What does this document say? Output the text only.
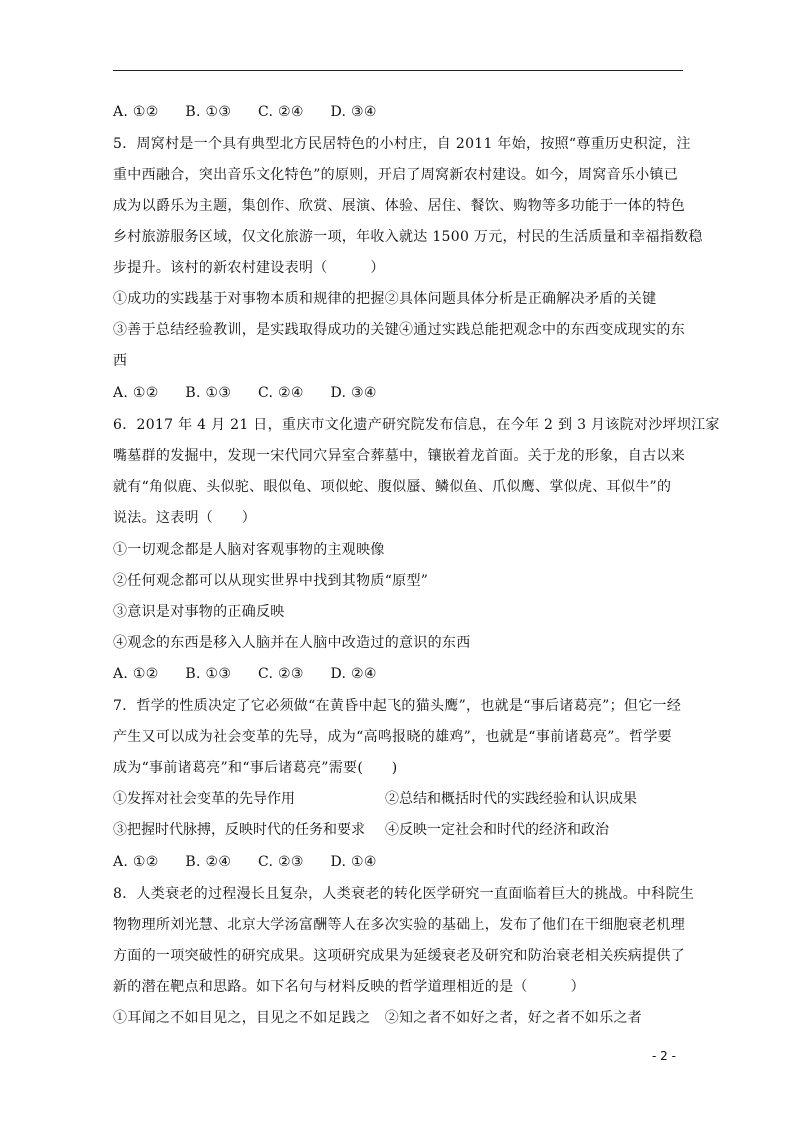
A. ①② B. ①③ C. ②④ D. ③④
5．周窝村是一个具有典型北方民居特色的小村庄，自 2011 年始，按照“尊重历史积淀，注
重中西融合，突出音乐文化特色”的原则，开启了周窝新农村建设。如今，周窝音乐小镇已
成为以爵乐为主题，集创作、欣赏、展演、体验、居住、餐饮、购物等多功能于一体的特色
乡村旅游服务区域，仅文化旅游一项，年收入就达 1500 万元，村民的生活质量和幸福指数稳
步提升。该村的新农村建设表明（　　　）
①成功的实践基于对事物本质和规律的把握②具体问题具体分析是正确解决矛盾的关键
③善于总结经验教训，是实践取得成功的关键④通过实践总能把观念中的东西变成现实的东
西
A. ①② B. ①③ C. ②④ D. ③④
6．2017 年 4 月 21 日，重庆市文化遗产研究院发布信息，在今年 2 到 3 月该院对沙坪坝江家
嘴墓群的发掘中，发现一宋代同穴异室合葬墓中，镶嵌着龙首面。关于龙的形象，自古以来
就有“角似鹿、头似驼、眼似龟、项似蛇、腹似蜃、鳞似鱼、爪似鹰、掌似虎、耳似牛”的
说法。这表明（　　）
①一切观念都是人脑对客观事物的主观映像
②任何观念都可以从现实世界中找到其物质“原型”
③意识是对事物的正确反映
④观念的东西是移入人脑并在人脑中改造过的意识的东西
A. ①② B. ①③ C. ②③ D. ②④
7．哲学的性质决定了它必须做“在黄昏中起飞的猫头鹰”，也就是“事后诸葛亮”；但它一经
产生又可以成为社会变革的先导，成为“高鸣报晓的雄鸡”，也就是“事前诸葛亮”。哲学要
成为“事前诸葛亮”和“事后诸葛亮”需要(　　)
①发挥对社会变革的先导作用	②总结和概括时代的实践经验和认识成果
③把握时代脉搏，反映时代的任务和要求 ④反映一定社会和时代的经济和政治
A. ①② B. ②④ C. ②③ D. ①④
8．人类衰老的过程漫长且复杂，人类衰老的转化医学研究一直面临着巨大的挑战。中科院生
物物理所刘光慧、北京大学汤富酬等人在多次实验的基础上，发布了他们在干细胞衰老机理
方面的一项突破性的研究成果。这项研究成果为延缓衰老及研究和防治衰老相关疾病提供了
新的潜在靶点和思路。如下名句与材料反映的哲学道理相近的是（　　　）
①耳闻之不如目见之，目见之不如足践之　②知之者不如好之者，好之者不如乐之者
- 2 -
